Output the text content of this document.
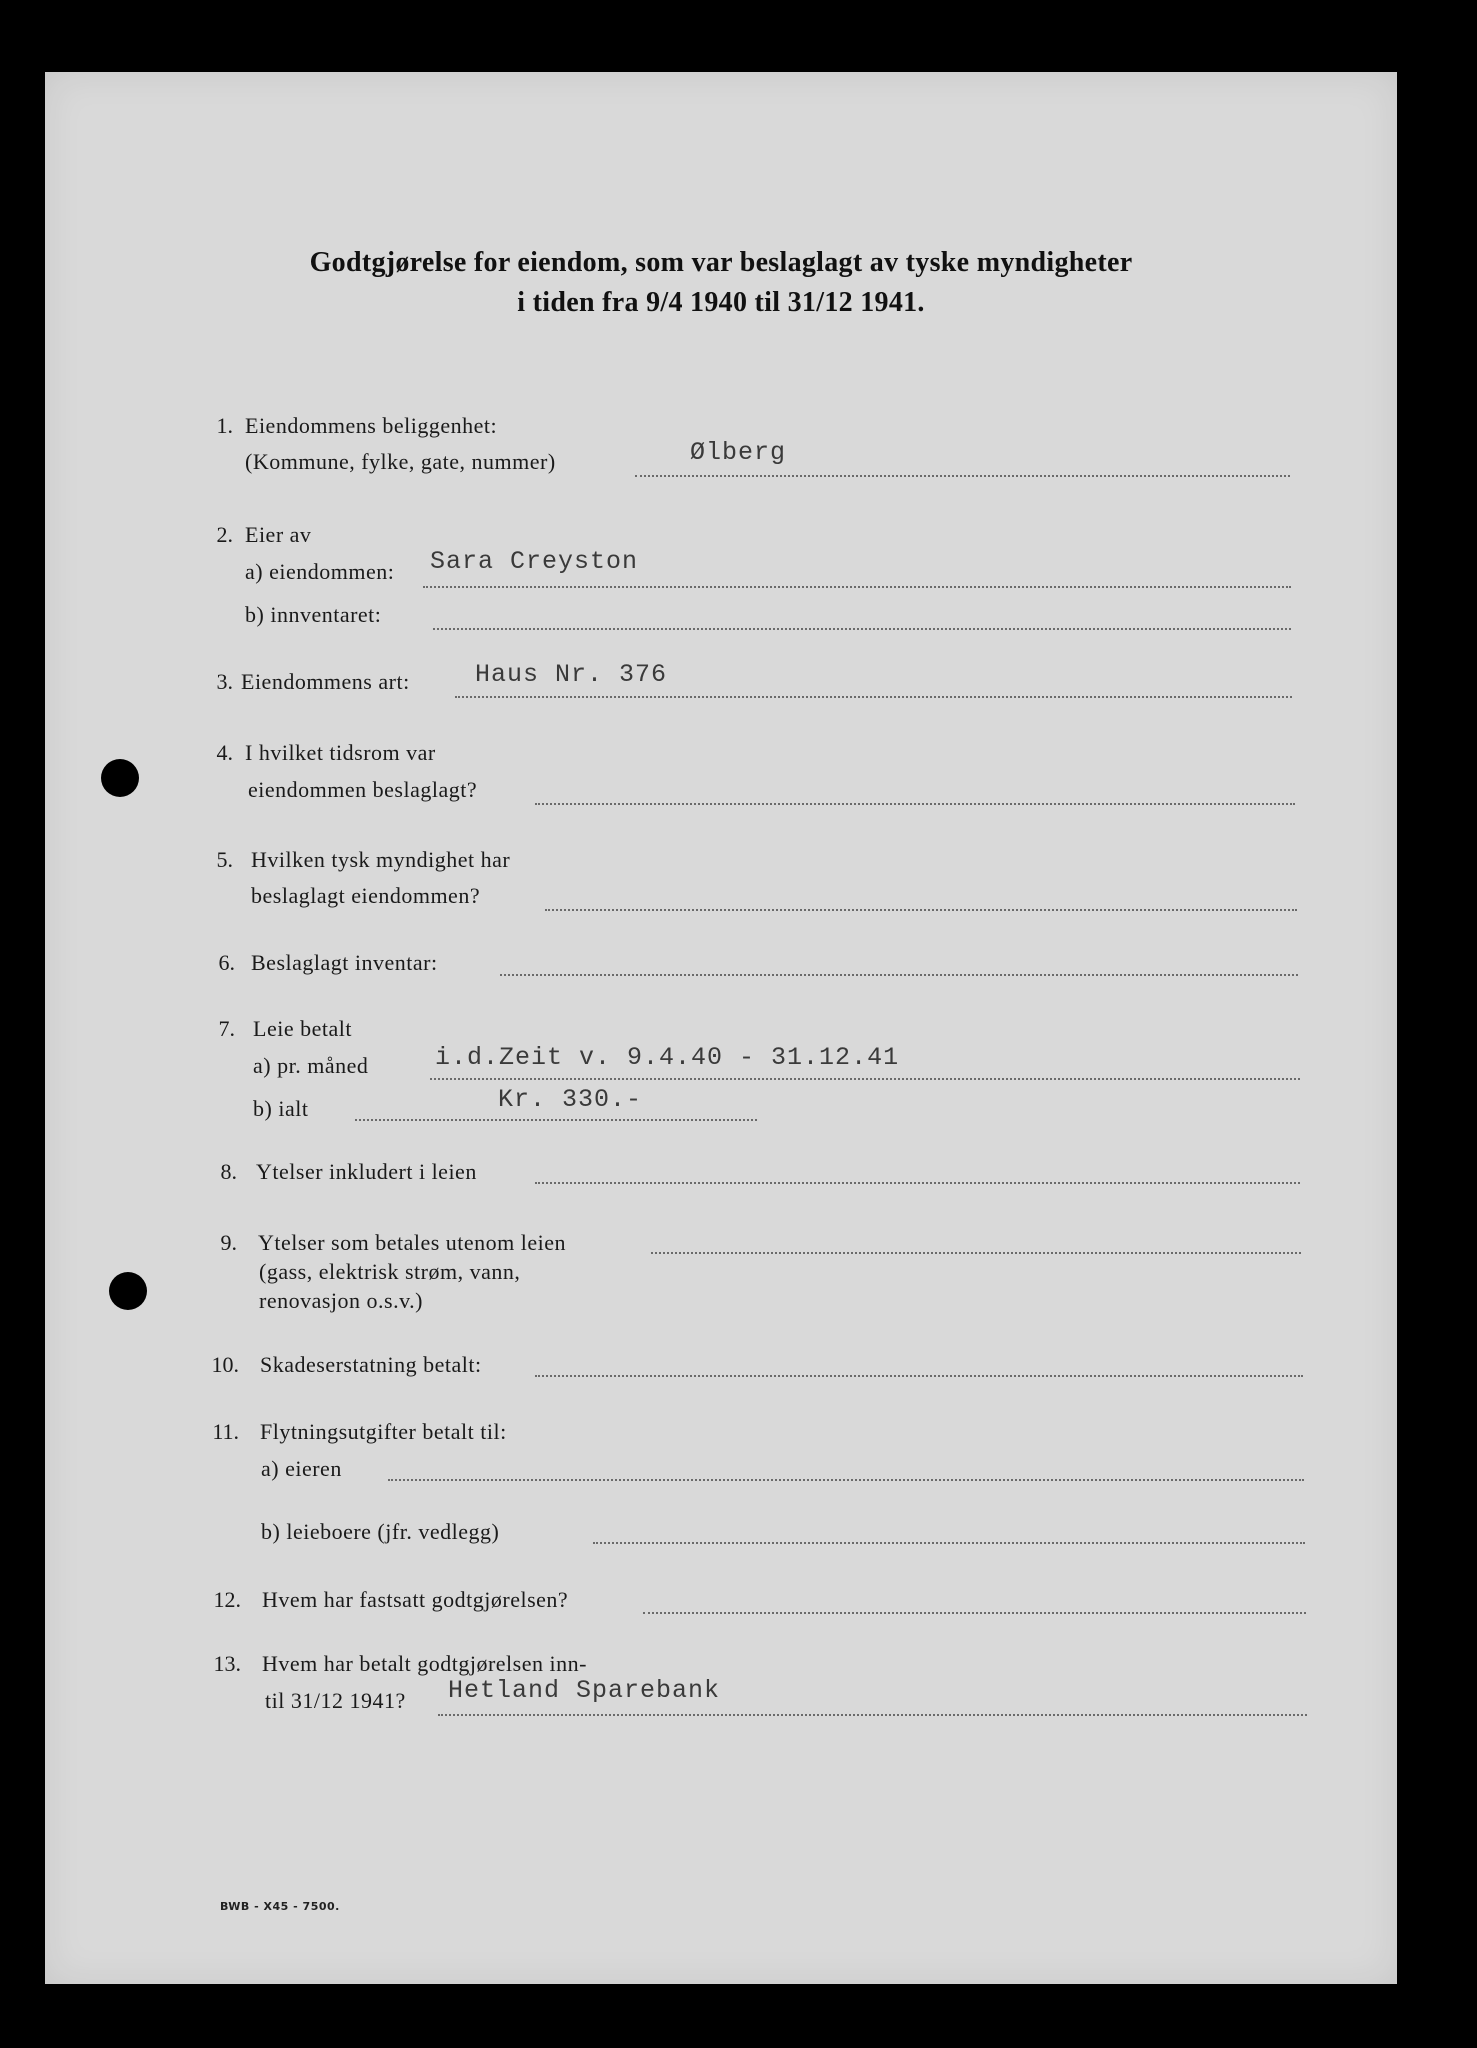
Godtgjørelse for eiendom, som var beslaglagt av tyske myndigheter
i tiden fra 9/4 1940 til 31/12 1941.
1. Eiendommens beliggenhet:
(Kommune, fylke, gate, nummer)	Ølberg
2. Eier av
a) eiendommen: Sara Creyston
b) innventaret:
3. Eiendommens art:	Haus Nr. 376
4. I hvilket tidsrom var
eiendommen beslaglagt?
5. Hvilken tysk myndighet har
beslaglagt eiendommen?
6. Beslaglagt inventar:
7. Leie betalt
a) pr. måned	i.d.Zeit v. 9.4.40 - 31.12.41
b) ialt	Kr. 330.-
8. Ytelser inkludert i leien
9. Ytelser som betales utenom leien
(gass, elektrisk strøm, vann,
renovasjon o.s.v.)
10. Skadeserstatning betalt:
11. Flytningsutgifter betalt til:
a) eieren
b) leieboere (jfr. vedlegg)
12. Hvem har fastsatt godtgjørelsen?
13. Hvem har betalt godtgjørelsen inn-
til 31/12 1941? Hetland Sparebank
BWB - X45 - 7500.
